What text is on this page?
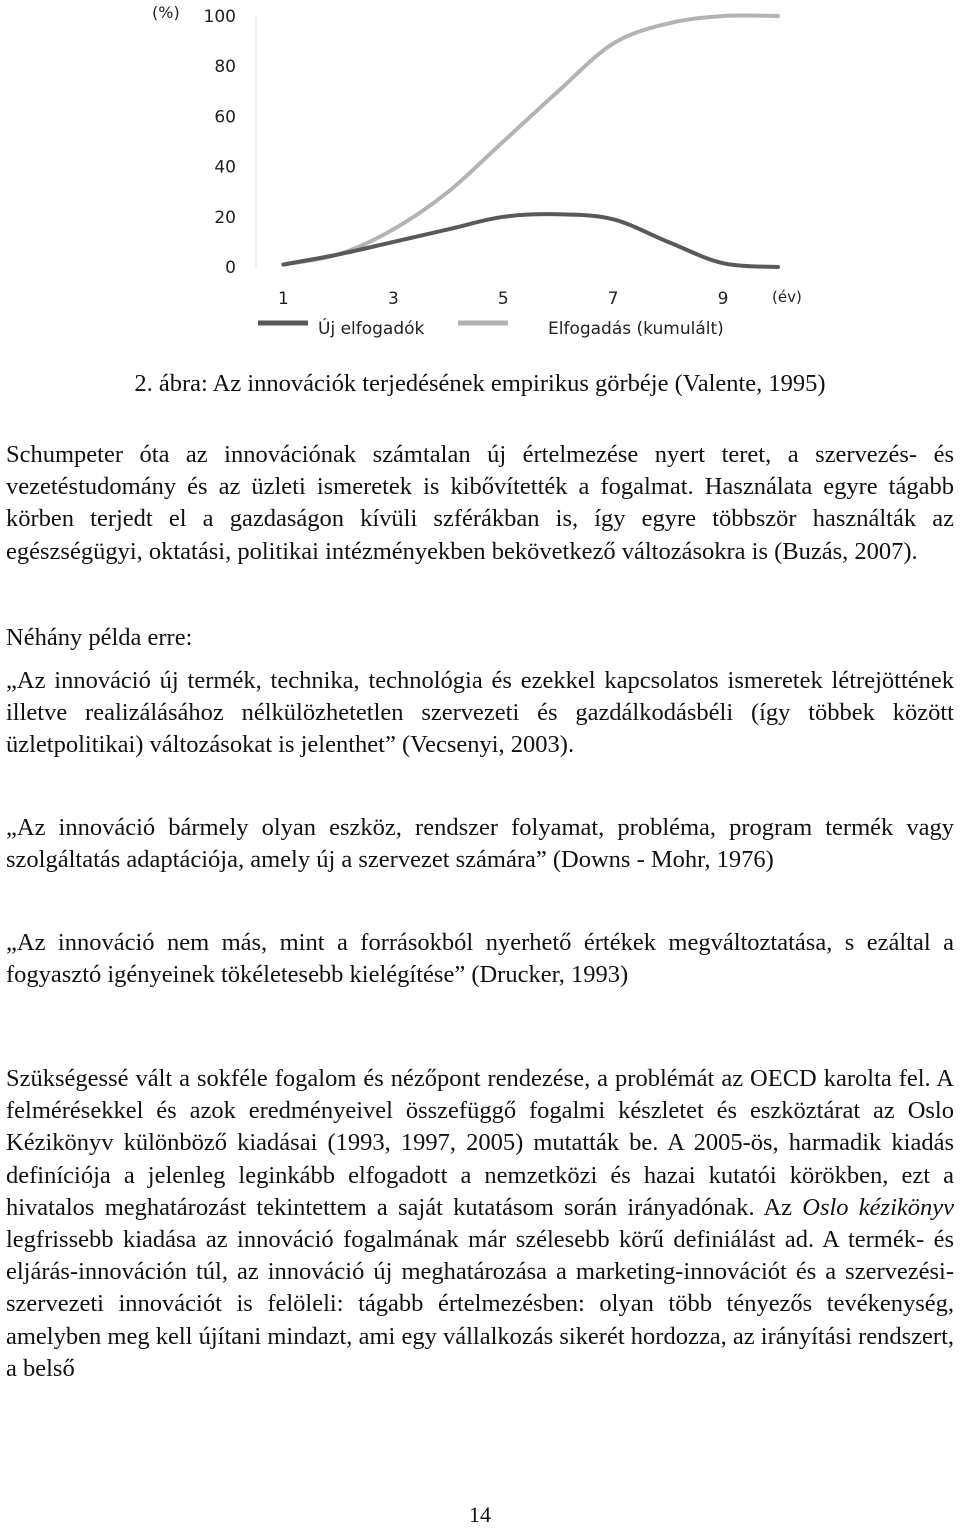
(%)
0
20
40
60
80
100
1	3	5	7	9	(év)
Új elfogadók	Elfogadás (kumulált)
2. ábra: Az innovációk terjedésének empirikus görbéje (Valente, 1995)
Schumpeter óta az innovációnak számtalan új értelmezése nyert teret, a szervezés- és vezetéstudomány és az üzleti ismeretek is kibővítették a fogalmat. Használata egyre tágabb körben terjedt el a gazdaságon kívüli szférákban is, így egyre többször használták az egészségügyi, oktatási, politikai intézményekben bekövetkező változásokra is (Buzás, 2007).
Néhány példa erre:
„Az innováció új termék, technika, technológia és ezekkel kapcsolatos ismeretek létrejöttének illetve realizálásához nélkülözhetetlen szervezeti és gazdálkodásbéli (így többek között üzletpolitikai) változásokat is jelenthet” (Vecsenyi, 2003).
„Az innováció bármely olyan eszköz, rendszer folyamat, probléma, program termék vagy szolgáltatás adaptációja, amely új a szervezet számára” (Downs - Mohr, 1976)
„Az innováció nem más, mint a forrásokból nyerhető értékek megváltoztatása, s ezáltal a fogyasztó igényeinek tökéletesebb kielégítése” (Drucker, 1993)
Szükségessé vált a sokféle fogalom és nézőpont rendezése, a problémát az OECD karolta fel. A felmérésekkel és azok eredményeivel összefüggő fogalmi készletet és eszköztárat az Oslo Kézikönyv különböző kiadásai (1993, 1997, 2005) mutatták be. A 2005-ös, harmadik kiadás definíciója a jelenleg leginkább elfogadott a nemzetközi és hazai kutatói körökben, ezt a hivatalos meghatározást tekintettem a saját kutatásom során irányadónak. Az Oslo kézikönyv legfrissebb kiadása az innováció fogalmának már szélesebb körű definiálást ad. A termék- és eljárás-innováción túl, az innováció új meghatározása a marketing-innovációt és a szervezési-szervezeti innovációt is felöleli: tágabb értelmezésben: olyan több tényezős tevékenység, amelyben meg kell újítani mindazt, ami egy vállalkozás sikerét hordozza, az irányítási rendszert, a belső
14
